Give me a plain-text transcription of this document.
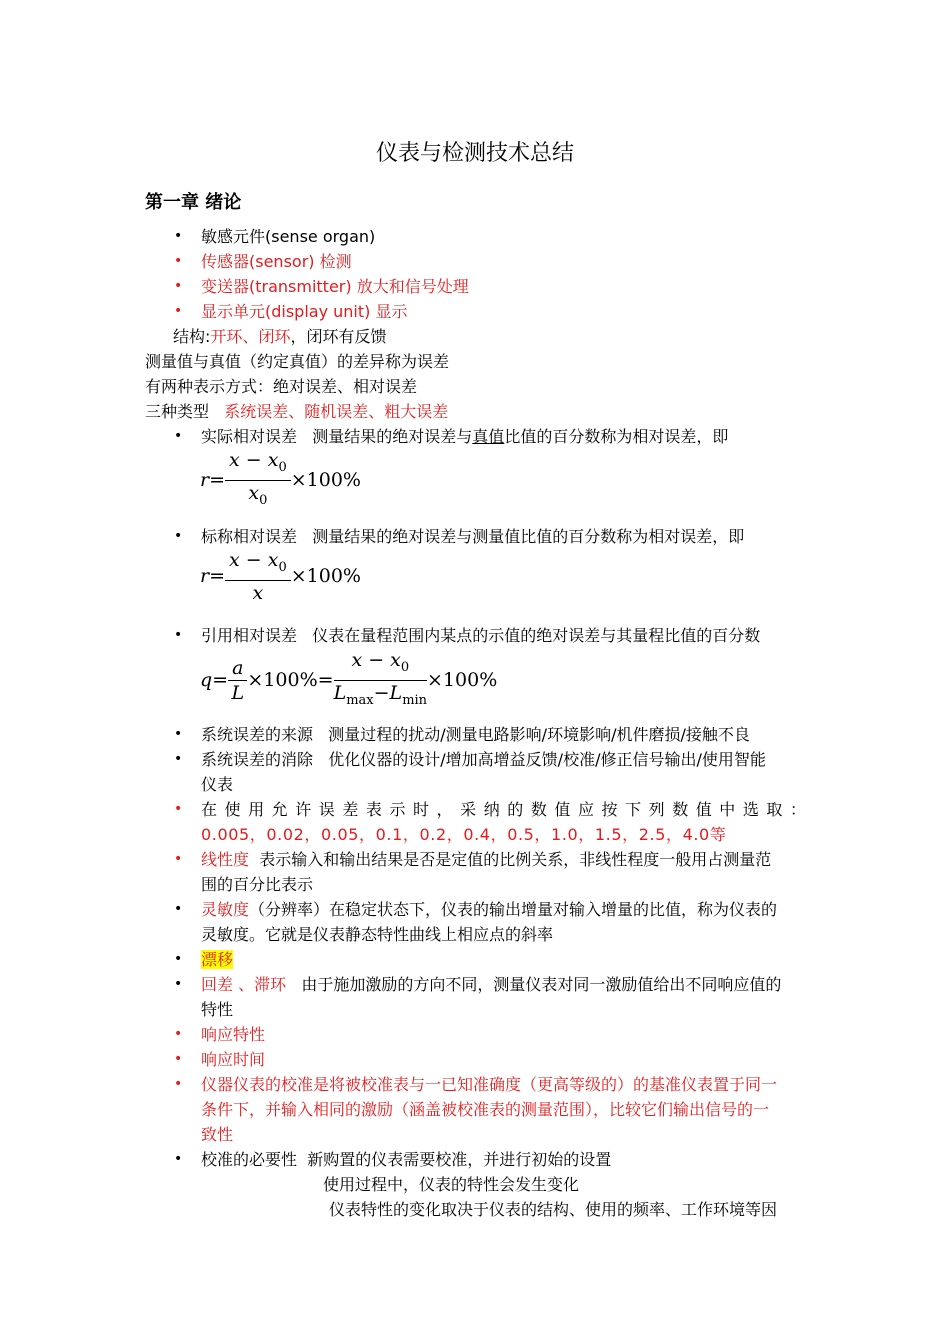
仪表与检测技术总结
第一章 绪论
• 敏感元件(sense organ)
• 传感器(sensor) 检测
• 变送器(transmitter) 放大和信号处理
• 显示单元(display unit) 显示
结构:开环、闭环，闭环有反馈
测量值与真值（约定真值）的差异称为误差
有两种表示方式：绝对误差、相对误差
三种类型 系统误差、随机误差、粗大误差
• 实际相对误差 测量结果的绝对误差与真值比值的百分数称为相对误差，即
$r = \frac{x - x_0}{x_0} \times 100\%$
• 标称相对误差 测量结果的绝对误差与测量值比值的百分数称为相对误差，即
$r = \frac{x - x_0}{x} \times 100\%$
• 引用相对误差 仪表在量程范围内某点的示值的绝对误差与其量程比值的百分数
$q = \frac{a}{L} \times 100\%= \frac{x - x_0}{L_{max}-L_{min}} \times 100\%$
• 系统误差的来源 测量过程的扰动/测量电路影响/环境影响/机件磨损/接触不良
• 系统误差的消除 优化仪器的设计/增加高增益反馈/校准/修正信号输出/使用智能
仪表
• 在使用允许误差表示时，采纳的数值应按下列数值中选取：
0.005，0.02，0.05，0.1，0.2，0.4，0.5，1.0，1.5，2.5，4.0等
• 线性度 表示输入和输出结果是否是定值的比例关系，非线性程度一般用占测量范
围的百分比表示
• 灵敏度（分辨率）在稳定状态下，仪表的输出增量对输入增量的比值，称为仪表的
灵敏度。它就是仪表静态特性曲线上相应点的斜率
• 漂移
• 回差 、滞环 由于施加激励的方向不同，测量仪表对同一激励值给出不同响应值的
特性
• 响应特性
• 响应时间
• 仪器仪表的校准是将被校准表与一已知准确度（更高等级的）的基准仪表置于同一
条件下，并输入相同的激励（涵盖被校准表的测量范围），比较它们输出信号的一
致性
• 校准的必要性 新购置的仪表需要校准，并进行初始的设置
使用过程中，仪表的特性会发生变化
仪表特性的变化取决于仪表的结构、使用的频率、工作环境等因
